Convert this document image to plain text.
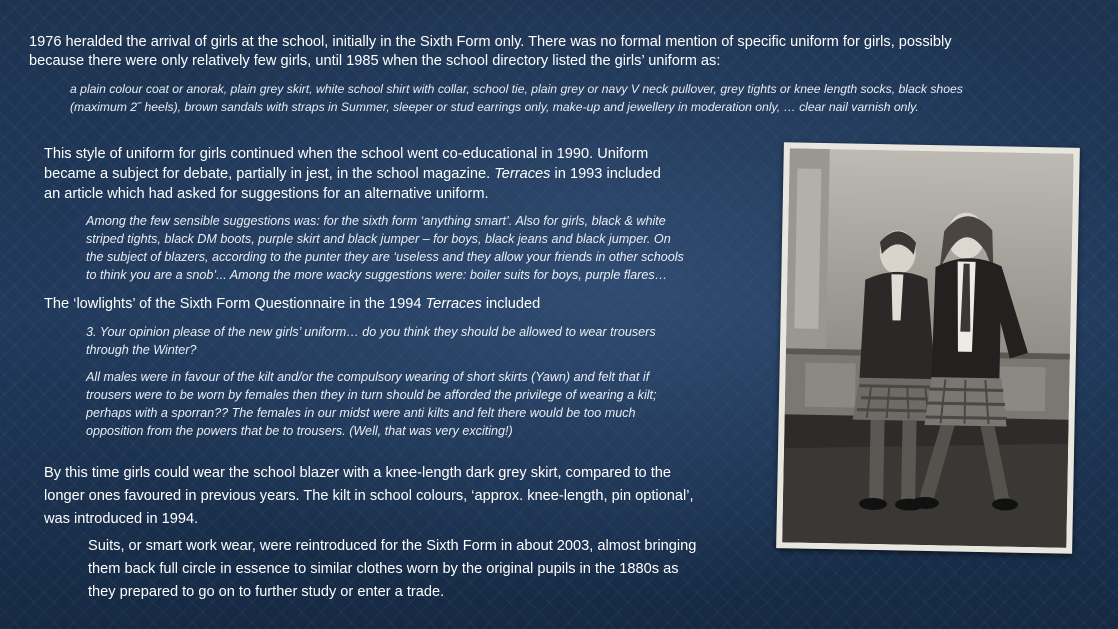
1976 heralded the arrival of girls at the school, initially in the Sixth Form only. There was no formal mention of specific uniform for girls, possibly

because there were only relatively few girls, until 1985 when the school directory listed the girls’ uniform as:

a plain colour coat or anorak, plain grey skirt, white school shirt with collar, school tie, plain grey or navy V neck pullover, grey tights or knee length socks, black shoes

(maximum 2˝ heels), brown sandals with straps in Summer, sleeper or stud earrings only, make-up and jewellery in moderation only, … clear nail varnish only.

This style of uniform for girls continued when the school went co-educational in 1990. Uniform

became a subject for debate, partially in jest, in the school magazine. Terraces in 1993 included

an article which had asked for suggestions for an alternative uniform.

Among the few sensible suggestions was: for the sixth form ‘anything smart’. Also for girls, black & white

striped tights, black DM boots, purple skirt and black jumper – for boys, black jeans and black jumper. On

the subject of blazers, according to the punter they are ‘useless and they allow your friends in other schools

to think you are a snob’... Among the more wacky suggestions were: boiler suits for boys, purple flares…

The ‘lowlights’ of the Sixth Form Questionnaire in the 1994 Terraces included

3. Your opinion please of the new girls’ uniform… do you think they should be allowed to wear trousers

through the Winter?

All males were in favour of the kilt and/or the compulsory wearing of short skirts (Yawn) and felt that if

trousers were to be worn by females then they in turn should be afforded the privilege of wearing a kilt;

perhaps with a sporran?? The females in our midst were anti kilts and felt there would be too much

opposition from the powers that be to trousers. (Well, that was very exciting!)

By this time girls could wear the school blazer with a knee-length dark grey skirt, compared to the

longer ones favoured in previous years. The kilt in school colours, ‘approx. knee-length, pin optional’,

was introduced in 1994.

Suits, or smart work wear, were reintroduced for the Sixth Form in about 2003, almost bringing

them back full circle in essence to similar clothes worn by the original pupils in the 1880s as

they prepared to go on to further study or enter a trade.
